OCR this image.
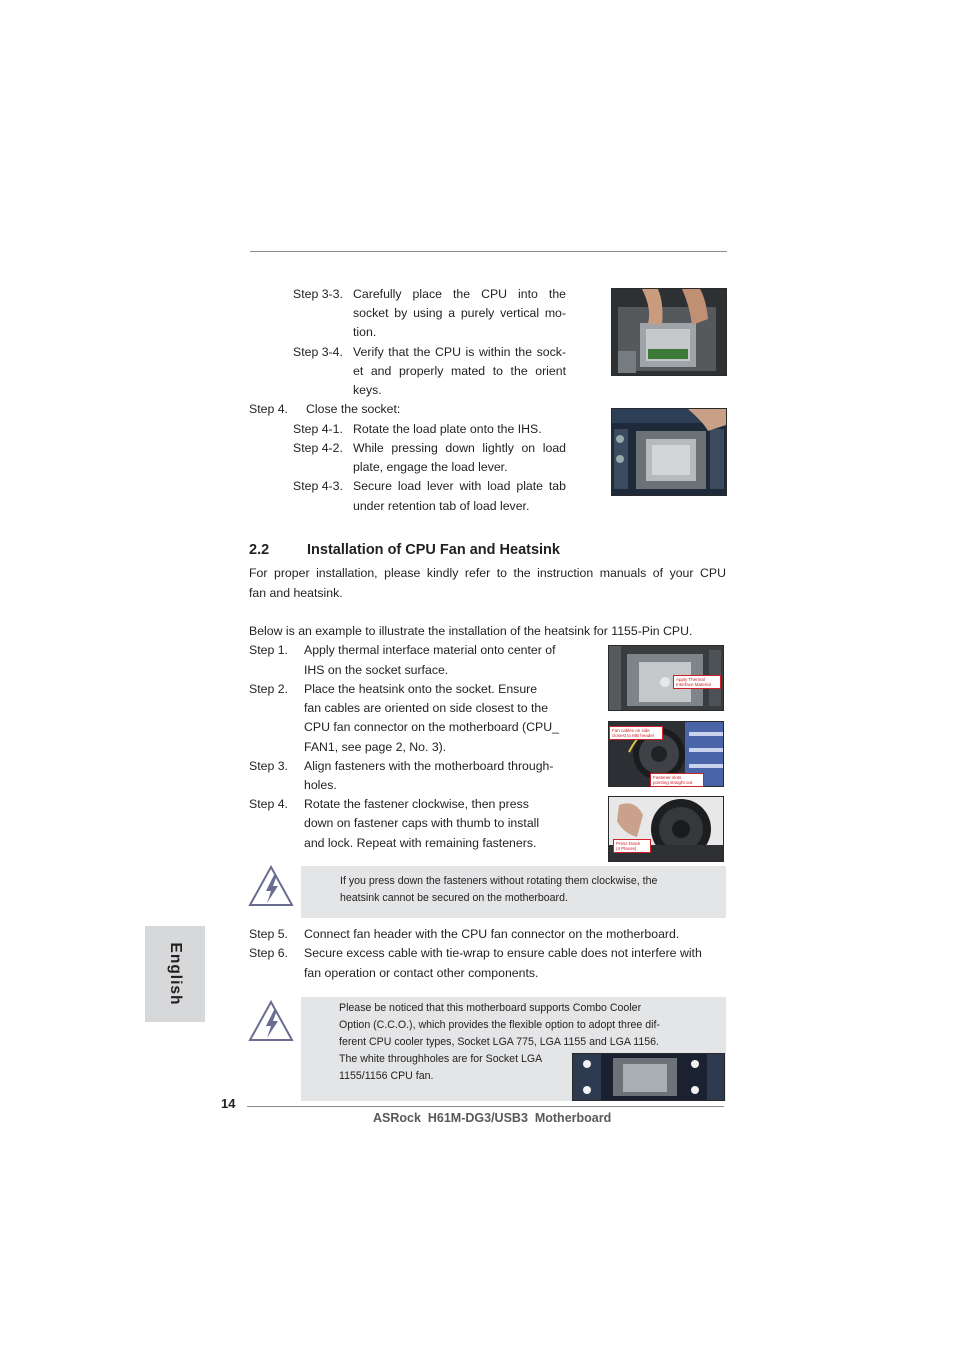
Step 3-3. Carefully place the CPU into the
socket by using a purely vertical mo-
tion.
Step 3-4. Verify that the CPU is within the sock-
et and properly mated to the orient
keys.
Step 4. Close the socket:
Step 4-1. Rotate the load plate onto the IHS.
Step 4-2. While pressing down lightly on load
plate, engage the load lever.
Step 4-3. Secure load lever with load plate tab
under retention tab of load lever.
2.2	Installation of CPU Fan and Heatsink
For proper installation, please kindly refer to the instruction manuals of your CPU
fan and heatsink.
Below is an example to illustrate the installation of the heatsink for 1155-Pin CPU.
Step 1. Apply thermal interface material onto center of
IHS on the socket surface.
Step 2. Place the heatsink onto the socket. Ensure
fan cables are oriented on side closest to the
CPU fan connector on the motherboard (CPU_
FAN1, see page 2, No. 3).
Step 3. Align fasteners with the motherboard through-
holes.
Step 4. Rotate the fastener clockwise, then press
down on fastener caps with thumb to install
and lock. Repeat with remaining fasteners.
Apply Thermal
Interface Material
Fan cables on side
closest to MB header
Fastener slots
pointing straight out
Press Down
(4 Places)
If you press down the fasteners without rotating them clockwise, the
heatsink cannot be secured on the motherboard.
Step 5. Connect fan header with the CPU fan connector on the motherboard.
Step 6. Secure excess cable with tie-wrap to ensure cable does not interfere with
fan operation or contact other components.
English
Please be noticed that this motherboard supports Combo Cooler
Option (C.C.O.), which provides the flexible option to adopt three dif-
ferent CPU cooler types, Socket LGA 775, LGA 1155 and LGA 1156.
The white throughholes are for Socket LGA
1155/1156 CPU fan.
14
ASRock  H61M-DG3/USB3  Motherboard
